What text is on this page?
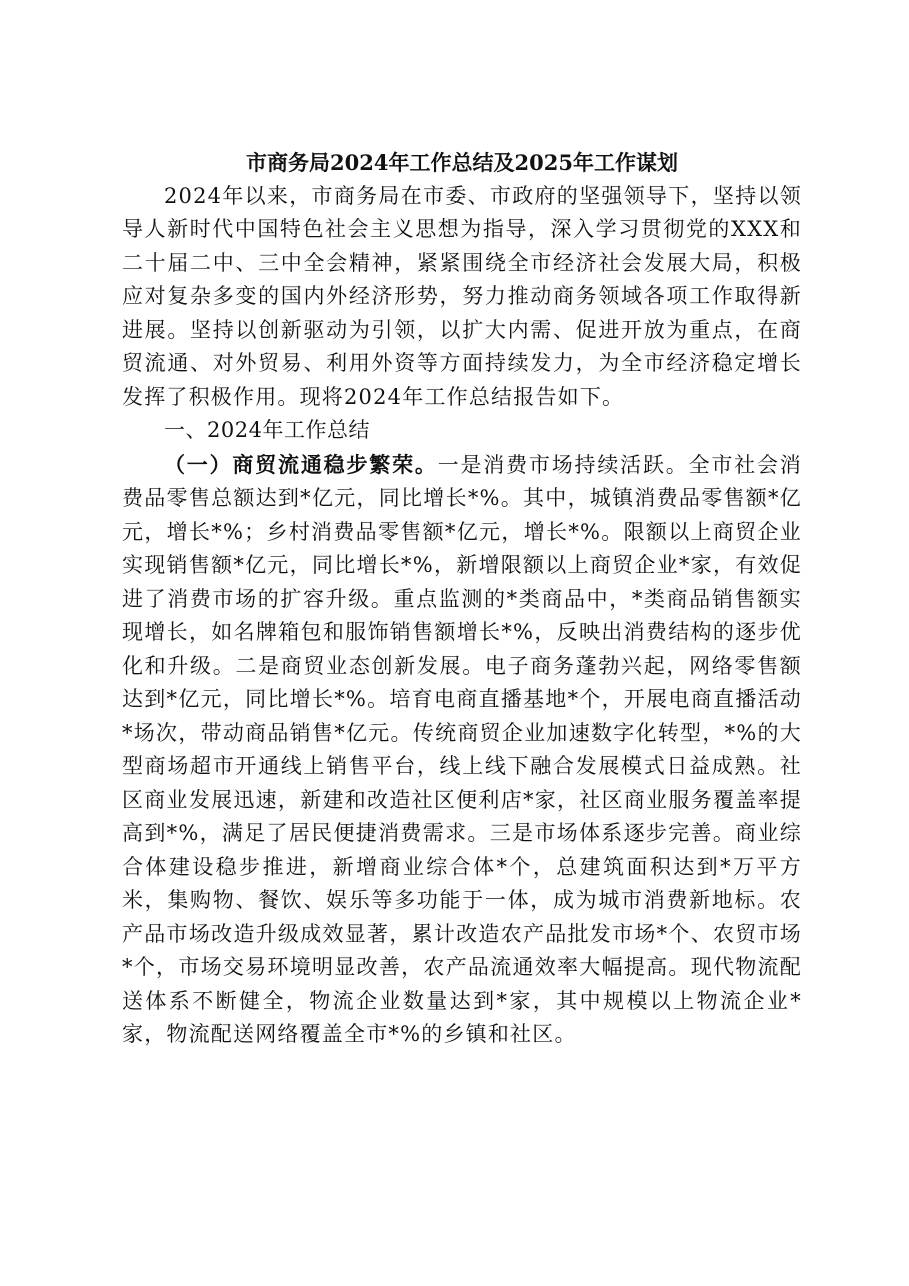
市商务局2024年工作总结及2025年工作谋划

2024年以来，市商务局在市委、市政府的坚强领导下，坚持以领导人新时代中国特色社会主义思想为指导，深入学习贯彻党的XXX和二十届二中、三中全会精神，紧紧围绕全市经济社会发展大局，积极应对复杂多变的国内外经济形势，努力推动商务领域各项工作取得新进展。坚持以创新驱动为引领，以扩大内需、促进开放为重点，在商贸流通、对外贸易、利用外资等方面持续发力，为全市经济稳定增长发挥了积极作用。现将2024年工作总结报告如下。

一、2024年工作总结

（一）商贸流通稳步繁荣。一是消费市场持续活跃。全市社会消费品零售总额达到*亿元，同比增长*%。其中，城镇消费品零售额*亿元，增长*%；乡村消费品零售额*亿元，增长*%。限额以上商贸企业实现销售额*亿元，同比增长*%，新增限额以上商贸企业*家，有效促进了消费市场的扩容升级。重点监测的*类商品中，*类商品销售额实现增长，如名牌箱包和服饰销售额增长*%，反映出消费结构的逐步优化和升级。二是商贸业态创新发展。电子商务蓬勃兴起，网络零售额达到*亿元，同比增长*%。培育电商直播基地*个，开展电商直播活动*场次，带动商品销售*亿元。传统商贸企业加速数字化转型，*%的大型商场超市开通线上销售平台，线上线下融合发展模式日益成熟。社区商业发展迅速，新建和改造社区便利店*家，社区商业服务覆盖率提高到*%，满足了居民便捷消费需求。三是市场体系逐步完善。商业综合体建设稳步推进，新增商业综合体*个，总建筑面积达到*万平方米，集购物、餐饮、娱乐等多功能于一体，成为城市消费新地标。农产品市场改造升级成效显著，累计改造农产品批发市场*个、农贸市场*个，市场交易环境明显改善，农产品流通效率大幅提高。现代物流配送体系不断健全，物流企业数量达到*家，其中规模以上物流企业*家，物流配送网络覆盖全市*%的乡镇和社区。
